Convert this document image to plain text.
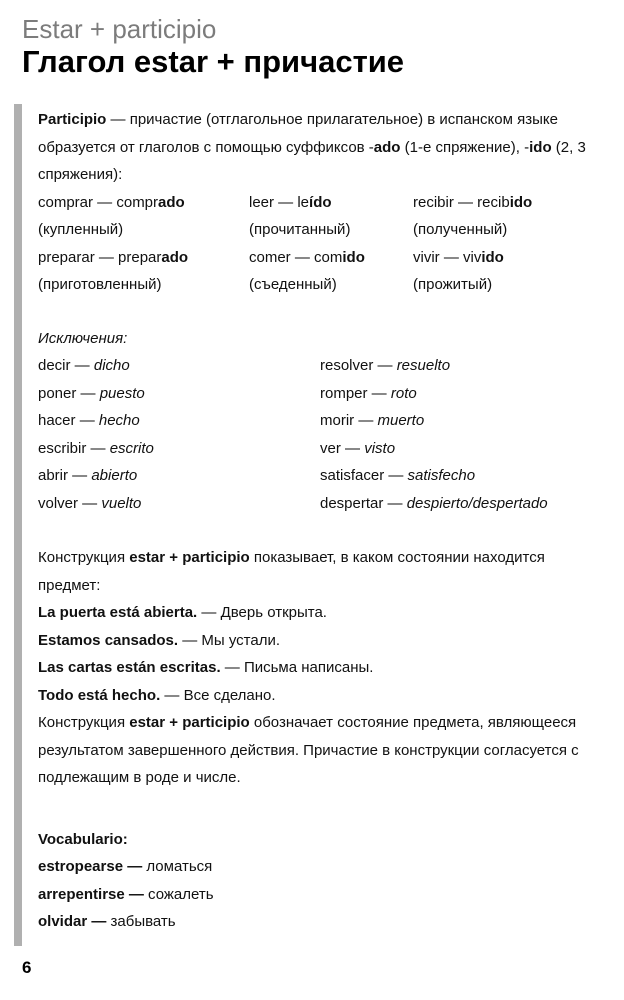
Estar + participio
Глагол estar + причастие

Participio — причастие (отглагольное прилагательное) в испанском языке образуется от глаголов с помощью суффиксов -ado (1-е спряжение), -ido (2, 3 спряжения):

comprar — comprado

(купленный)

preparar — preparado

(приготовленный)

leer — leído

(прочитанный)

comer — comido

(съеденный)

recibir — recibido

(полученный)

vivir — vivido

(прожитый)

Исключения:

decir — dicho

poner — puesto

hacer — hecho

escribir — escrito

abrir — abierto

volver — vuelto

resolver — resuelto

romper — roto

morir — muerto

ver — visto

satisfacer — satisfecho

despertar — despierto/despertado

Конструкция estar + participio показывает, в каком состоянии находится предмет:

La puerta está abierta. — Дверь открыта.

Estamos cansados. — Мы устали.

Las cartas están escritas. — Письма написаны.

Todo está hecho. — Все сделано.

Конструкция estar + participio обозначает состояние предмета, являющееся результатом завершенного действия. Причастие в конструкции согласуется с подлежащим в роде и числе.

Vocabulario:

estropearse — ломаться

arrepentirse — сожалеть

olvidar — забывать

6
